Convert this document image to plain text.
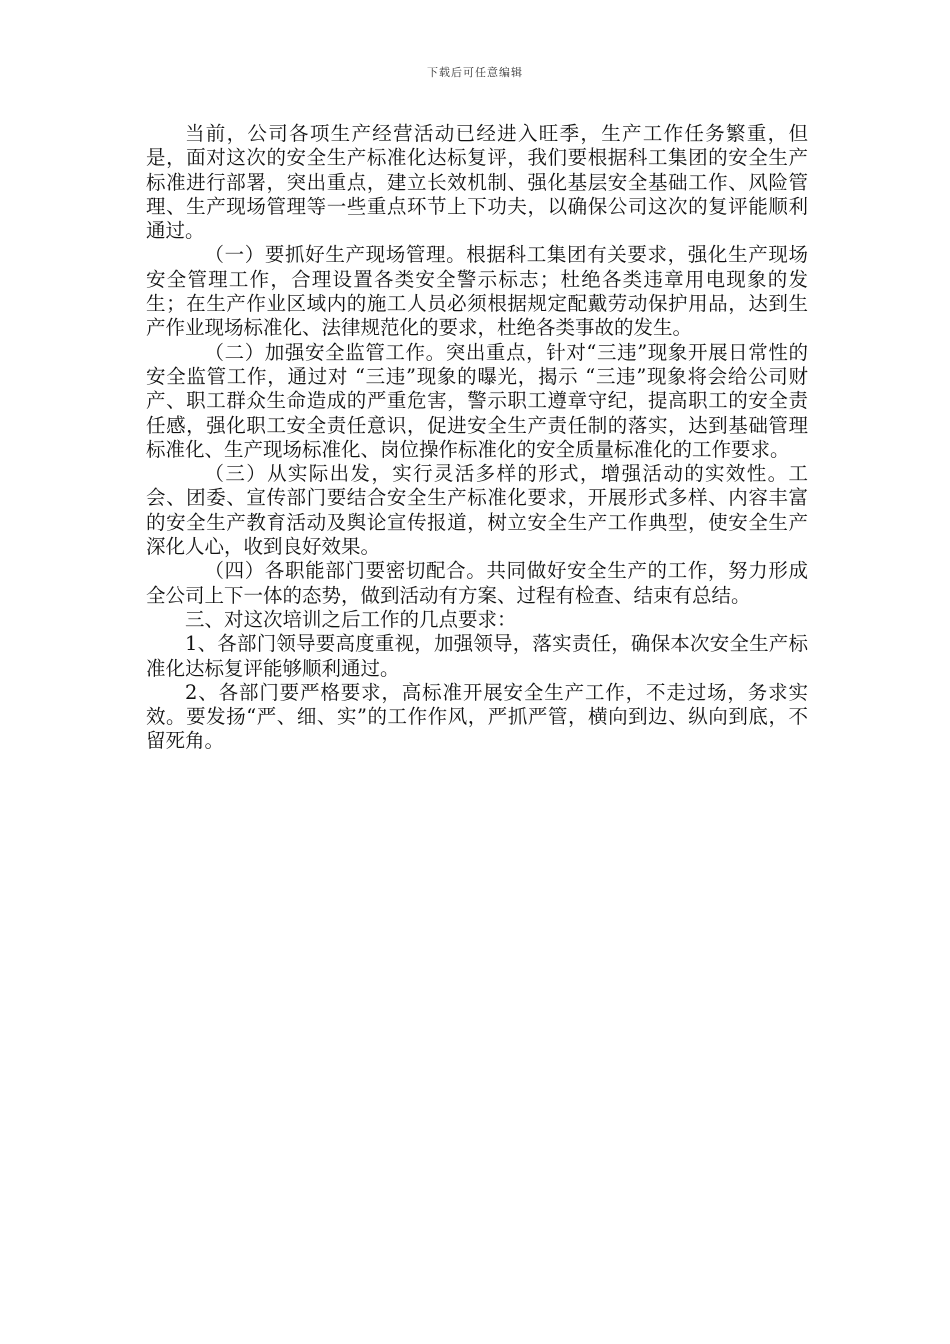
下载后可任意编辑

当前，公司各项生产经营活动已经进入旺季，生产工作任务繁重，但是，面对这次的安全生产标准化达标复评，我们要根据科工集团的安全生产标准进行部署，突出重点，建立长效机制、强化基层安全基础工作、风险管理、生产现场管理等一些重点环节上下功夫，以确保公司这次的复评能顺利通过。

（一）要抓好生产现场管理。根据科工集团有关要求，强化生产现场安全管理工作，合理设置各类安全警示标志；杜绝各类违章用电现象的发生；在生产作业区域内的施工人员必须根据规定配戴劳动保护用品，达到生产作业现场标准化、法律规范化的要求，杜绝各类事故的发生。

（二）加强安全监管工作。突出重点，针对“三违”现象开展日常性的安全监管工作，通过对 “三违”现象的曝光，揭示 “三违”现象将会给公司财产、职工群众生命造成的严重危害，警示职工遵章守纪，提高职工的安全责任感，强化职工安全责任意识，促进安全生产责任制的落实，达到基础管理标准化、生产现场标准化、岗位操作标准化的安全质量标准化的工作要求。

（三）从实际出发，实行灵活多样的形式，增强活动的实效性。工会、团委、宣传部门要结合安全生产标准化要求，开展形式多样、内容丰富的安全生产教育活动及舆论宣传报道，树立安全生产工作典型，使安全生产深化人心，收到良好效果。

（四）各职能部门要密切配合。共同做好安全生产的工作，努力形成全公司上下一体的态势，做到活动有方案、过程有检查、结束有总结。

三、对这次培训之后工作的几点要求：

1、各部门领导要高度重视，加强领导，落实责任，确保本次安全生产标准化达标复评能够顺利通过。

2、各部门要严格要求，高标准开展安全生产工作，不走过场，务求实效。要发扬“严、细、实”的工作作风，严抓严管，横向到边、纵向到底，不留死角。
